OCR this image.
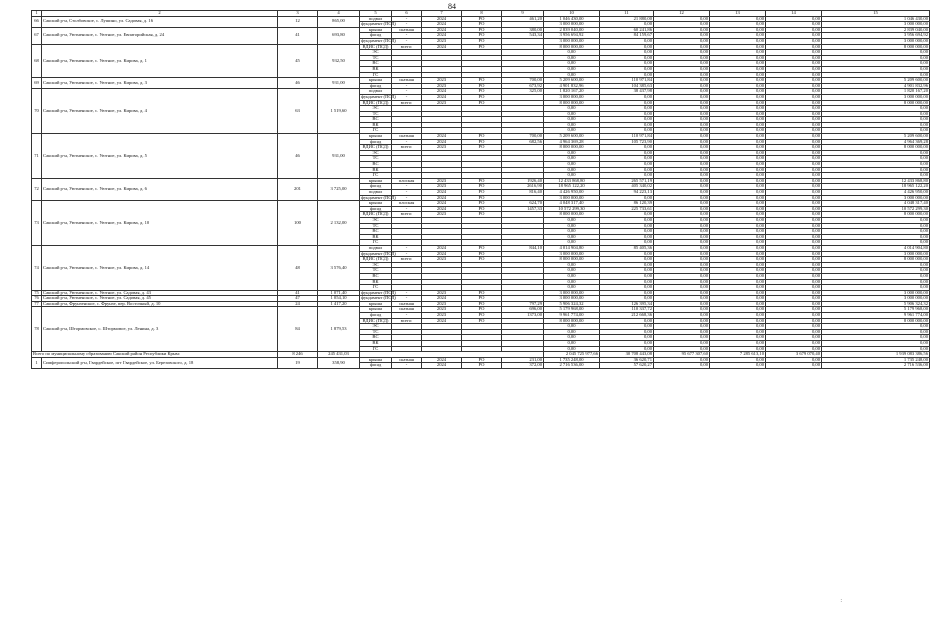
84
1	2	3	4	5	6	7	8	9	10	11	12	13	14	15
66	Сакский р-н, Столбовское, с. Лушино, ул. Садовая, д. 16	12	865,00	подвал	-	2024	РО	461,20	1 046 430,00	21 880,00	0,00	0,00	0,00	1 046 430,00
				фундамент (ПСД)	-	2024	РО		3 000 000,00	0,00	0,00	0,00	0,00	3 000 000,00
67	Сакский р-н, Уютненское, с. Уютное, ул. Евпаторийская, д. 24	41	693,80	крыша	скатная	2024	РО	380,00	2 839 040,00	60 241,86	0,00	0,00	0,00	2 839 040,00
				фасад	-	2024	РО	543,34	3 956 694,92	84 159,67	0,00	0,00	0,00	3 956 694,92
				фундамент (ПСД)	-	2023	РО		3 000 000,00	0,00	0,00	0,00	0,00	3 000 000,00
68	Сакский р-н, Уютненское, с. Уютное, ул. Кирова, д. 1	45	932,50	ВДИС (ПСД)	всего:	2024	РО		8 000 000,00	0,00	0,00	0,00	0,00	8 000 000,00
				ЭС					0,00	0,00	0,00	0,00	0,00	0,00
				ТС					0,00	0,00	0,00	0,00	0,00	0,00
				ВС					0,00	0,00	0,00	0,00	0,00	0,00
				ВК					0,00	0,00	0,00	0,00	0,00	0,00
				ГС					0,00	0,00	0,00	0,00	0,00	0,00
69	Сакский р-н, Уютненское, с. Уютное, ул. Кирова, д. 3	46	931,00	крыша	скатная	2023	РО	700,00	5 209 600,00	110 971,84	0,00	0,00	0,00	5 209 600,00
				фасад	-	2023	РО	673,92	4 901 832,96	104 385,63	0,00	0,00	0,00	4 901 832,96
70	Сакский р-н, Уютненское, с. Уютное, ул. Кирова, д. 4	63	1 519,60	подвал	-	2024	РО	325,00	1 820 167,20	38 437,98	0,00	0,00	0,00	1 820 167,20
				фундамент (ПСД)	-	2024	РО		3 000 000,00	0,00	0,00	0,00	0,00	3 000 000,00
				ВДИС (ПСД)	всего:	2023	РО		8 000 000,00	0,00	0,00	0,00	0,00	8 000 000,00
				ЭС					0,00	0,00	0,00	0,00	0,00	0,00
				ТС					0,00	0,00	0,00	0,00	0,00	0,00
				ВС					0,00	0,00	0,00	0,00	0,00	0,00
				ВК					0,00	0,00	0,00	0,00	0,00	0,00
				ГС					0,00	0,00	0,00	0,00	0,00	0,00
71	Сакский р-н, Уютненское, с. Уютное, ул. Кирова, д. 5	46	931,00	крыша	скатная	2024	РО	700,00	5 209 600,00	110 971,84	0,00	0,00	0,00	5 209 600,00
				фасад	-	2024	РО	682,56	4 964 369,28	105 723,90	0,00	0,00	0,00	4 964 369,28
				ВДИС (ПСД)	всего:	2023	РО		8 000 000,00	0,00	0,00	0,00	0,00	8 000 000,00
				ЭС					0,00	0,00	0,00	0,00	0,00	0,00
				ТС					0,00	0,00	0,00	0,00	0,00	0,00
				ВС					0,00	0,00	0,00	0,00	0,00	0,00
				ВК					0,00	0,00	0,00	0,00	0,00	0,00
				ГС					0,00	0,00	0,00	0,00	0,00	0,00
72	Сакский р-н, Уютненское, с. Уютное, ул. Кирова, д. 6	201	3 725,00	крыша	плоская	2023	РО	1926,40	12 433 868,80	265 571,19	0,00	0,00	0,00	12 433 868,80
				фасад	-	2023	РО	2616,90	18 965 122,20	405 340,02	0,00	0,00	0,00	18 965 122,20
				подвал	-	2024	РО	816,40	4 426 950,00	94 223,13	0,00	0,00	0,00	4 426 950,00
				фундамент (ПСД)	-	2024	РО		3 000 000,00	0,00	0,00	0,00	0,00	3 000 000,00
73	Сакский р-н, Уютненское, с. Уютное, ул. Кирова, д. 10	100	2 132,00	крыша	плоская	2024	РО	624,70	4 048 317,40	86 120,39	0,00	0,00	0,00	4 048 317,40
				фасад	-	2024	РО	1457,33	10 572 299,30	225 733,61	0,00	0,00	0,00	10 572 299,30
				ВДИС (ПСД)	всего:	2023	РО		8 000 000,00	0,00	0,00	0,00	0,00	8 000 000,00
				ЭС					0,00	0,00	0,00	0,00	0,00	0,00
				ТС					0,00	0,00	0,00	0,00	0,00	0,00
				ВС					0,00	0,00	0,00	0,00	0,00	0,00
				ВК					0,00	0,00	0,00	0,00	0,00	0,00
				ГС					0,00	0,00	0,00	0,00	0,00	0,00
74	Сакский р-н, Уютненское, с. Уютное, ул. Кирова, д. 14	48	3 576,40	подвал	-	2024	РО	844,10	4 014 904,80	85 405,36	0,00	0,00	0,00	4 014 904,80
				фундамент (ПСД)	-	2024	РО		3 000 000,00	0,00	0,00	0,00	0,00	3 000 000,00
				ВДИС (ПСД)	всего:	2023	РО		8 000 000,00	0,00	0,00	0,00	0,00	8 000 000,00
				ЭС					0,00	0,00	0,00	0,00	0,00	0,00
				ТС					0,00	0,00	0,00	0,00	0,00	0,00
				ВС					0,00	0,00	0,00	0,00	0,00	0,00
				ВК					0,00	0,00	0,00	0,00	0,00	0,00
				ГС					0,00	0,00	0,00	0,00	0,00	0,00
75	Сакский р-н, Уютненское, с. Уютное, ул. Садовая, д. 43	41	1 071,40	фундамент (ПСД)	-	2023	РО		3 000 000,00	0,00	0,00	0,00	0,00	3 000 000,00
76	Сакский р-н, Уютненское, с. Уютное, ул. Садовая, д. 45	47	1 054,10	фундамент (ПСД)	-	2024	РО		3 000 000,00	0,00	0,00	0,00	0,00	3 000 000,00
77	Сакский р-н, Фрунзенское, с. Фрунзе, пер. Восточный, д. 10	24	1 417,20	крыша	скатная	2023	РО	797,29	5 906 324,32	126 395,34	0,00	0,00	0,00	5 906 324,32
78	Сакский р-н, Штормовское, с. Штормовое, ул. Ленина, д. 3	84	1 879,53	крыша	скатная	2023	РО	696,00	5 179 968,00	110 337,72	0,00	0,00	0,00	5 179 968,00
				фасад	-	2023	РО	1373,00	9 961 774,00	212 668,36	0,00	0,00	0,00	9 961 774,00
				ВДИС (ПСД)	всего:	2024	РО		8 000 000,00	0,00	0,00	0,00	0,00	8 000 000,00
				ЭС					0,00	0,00	0,00	0,00	0,00	0,00
				ТС					0,00	0,00	0,00	0,00	0,00	0,00
				ВС					0,00	0,00	0,00	0,00	0,00	0,00
				ВК					0,00	0,00	0,00	0,00	0,00	0,00
				ГС					0,00	0,00	0,00	0,00	0,00	0,00
Всего по муниципальному образованию Сакский район Республики Крым:		8 246	245 431,03						2 045 725 977,66	30 708 443,08	95 677 307,60	7 285 613,10	3 679 070,40	1 939 083 386,56
1	Симферопольский р-н, Гвардейское, пгт Гвардейское, ул. Березовского, д. 18	19	358,90	крыша	скатная	2024	РО	231,00	1 735 248,00	36 620,71	0,00	0,00	0,00	1 735 248,00
				фасад	-	2024	РО	372,00	2 716 536,00	57 620,27	0,00	0,00	0,00	2 716 536,00
:
